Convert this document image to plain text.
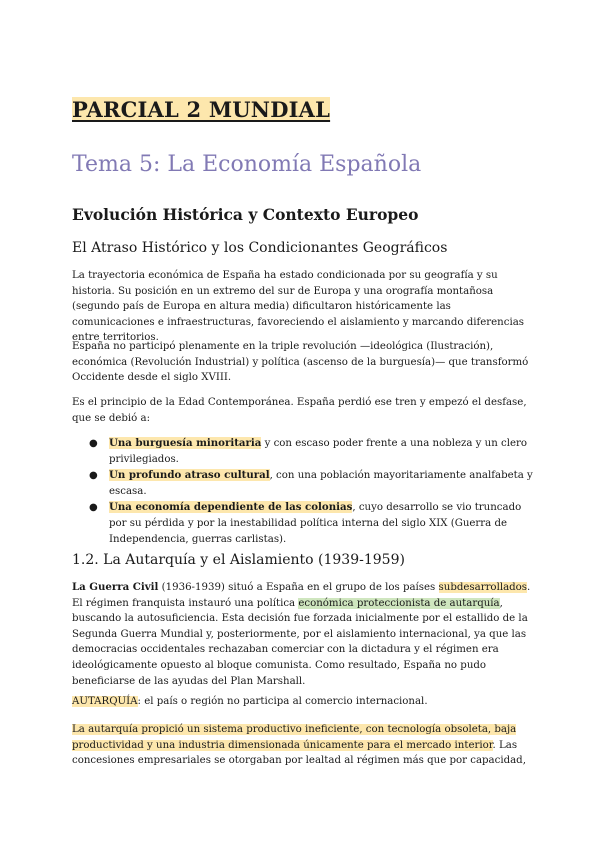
PARCIAL 2 MUNDIAL
Tema 5: La Economía Española
Evolución Histórica y Contexto Europeo
El Atraso Histórico y los Condicionantes Geográficos

La trayectoria económica de España ha estado condicionada por su geografía y su historia. Su posición en un extremo del sur de Europa y una orografía montañosa (segundo país de Europa en altura media) dificultaron históricamente las comunicaciones e infraestructuras, favoreciendo el aislamiento y marcando diferencias entre territorios.

España no participó plenamente en la triple revolución —ideológica (Ilustración), económica (Revolución Industrial) y política (ascenso de la burguesía)— que transformó Occidente desde el siglo XVIII.

Es el principio de la Edad Contemporánea. España perdió ese tren y empezó el desfase, que se debió a:

● Una burguesía minoritaria y con escaso poder frente a una nobleza y un clero privilegiados.
● Un profundo atraso cultural, con una población mayoritariamente analfabeta y escasa.
● Una economía dependiente de las colonias, cuyo desarrollo se vio truncado por su pérdida y por la inestabilidad política interna del siglo XIX (Guerra de Independencia, guerras carlistas).
1.2. La Autarquía y el Aislamiento (1939-1959)

La Guerra Civil (1936-1939) situó a España en el grupo de los países subdesarrollados. El régimen franquista instauró una política económica proteccionista de autarquía, buscando la autosuficiencia. Esta decisión fue forzada inicialmente por el estallido de la Segunda Guerra Mundial y, posteriormente, por el aislamiento internacional, ya que las democracias occidentales rechazaban comerciar con la dictadura y el régimen era ideológicamente opuesto al bloque comunista. Como resultado, España no pudo beneficiarse de las ayudas del Plan Marshall.

AUTARQUÍA: el país o región no participa al comercio internacional.

La autarquía propició un sistema productivo ineficiente, con tecnología obsoleta, baja productividad y una industria dimensionada únicamente para el mercado interior. Las concesiones empresariales se otorgaban por lealtad al régimen más que por capacidad,
